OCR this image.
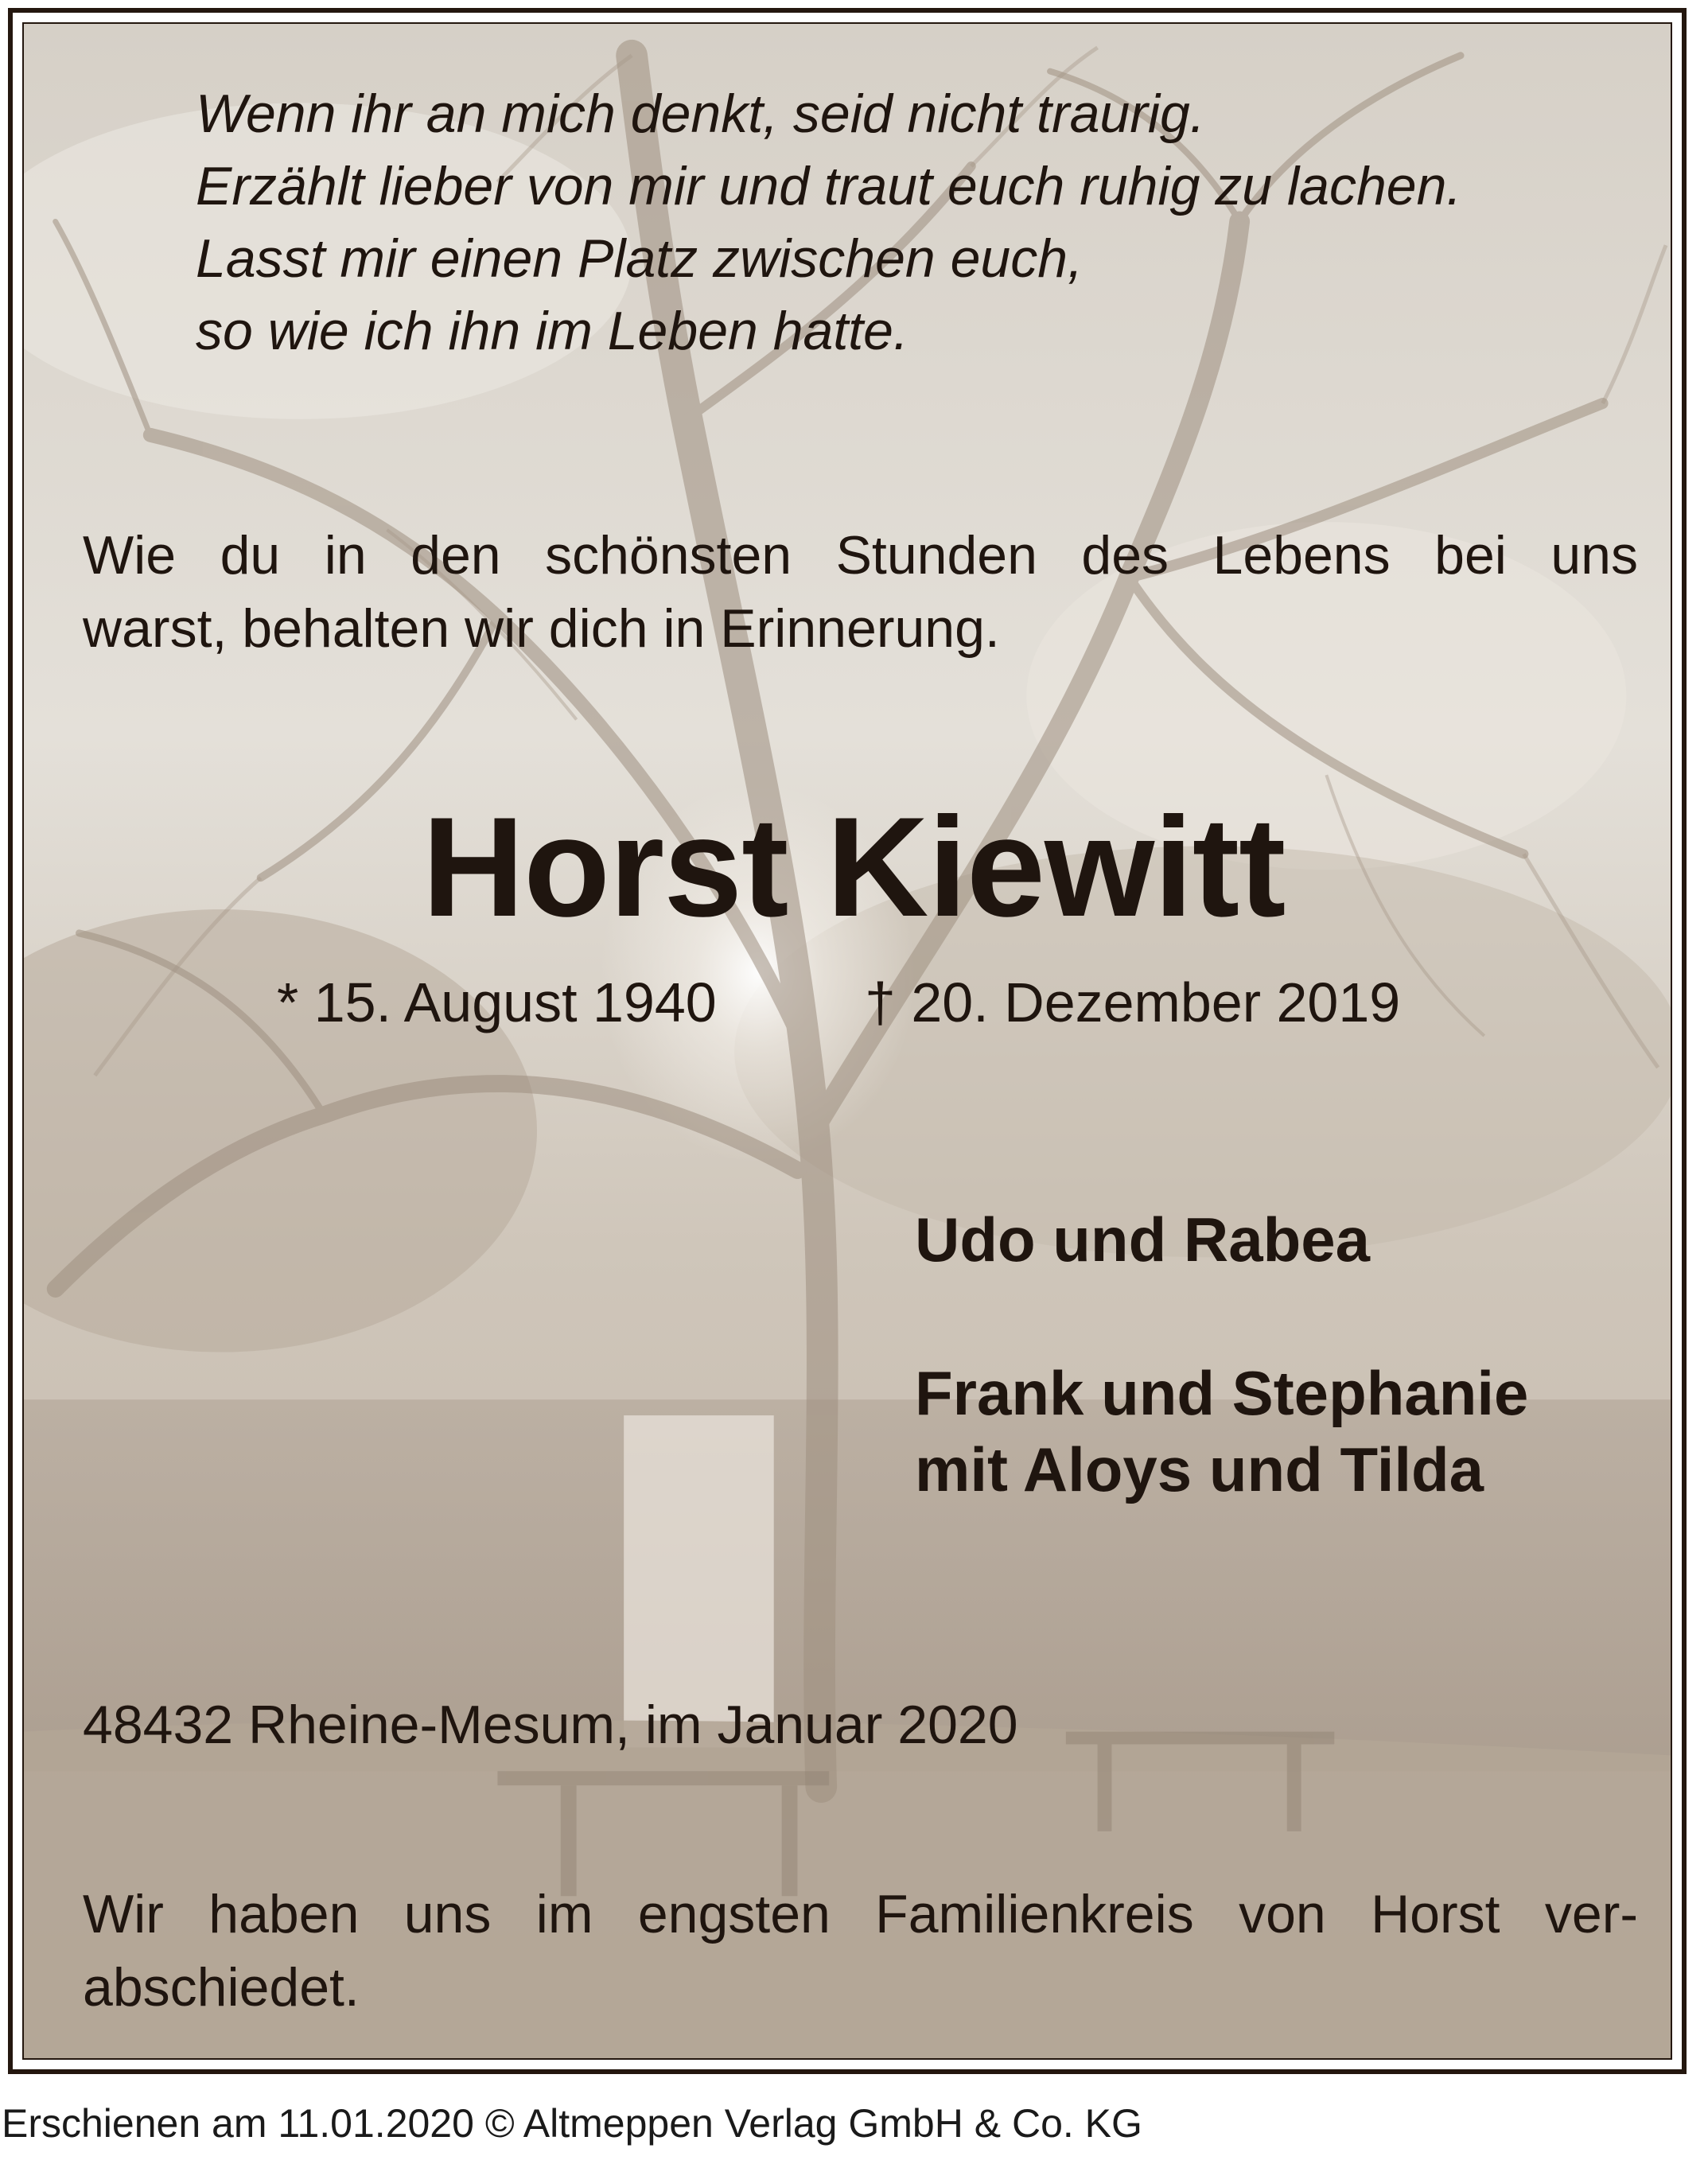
Wenn ihr an mich denkt, seid nicht traurig.
Erzählt lieber von mir und traut euch ruhig zu lachen.
Lasst mir einen Platz zwischen euch,
so wie ich ihn im Leben hatte.
Wie du in den schönsten Stunden des Lebens bei uns
warst, behalten wir dich in Erinnerung.
Horst Kiewitt
* 15. August 1940	† 20. Dezember 2019
Udo und Rabea
Frank und Stephanie
mit Aloys und Tilda
48432 Rheine-Mesum, im Januar 2020
Wir haben uns im engsten Familienkreis von Horst ver-
abschiedet.
Erschienen am 11.01.2020 © Altmeppen Verlag GmbH & Co. KG
